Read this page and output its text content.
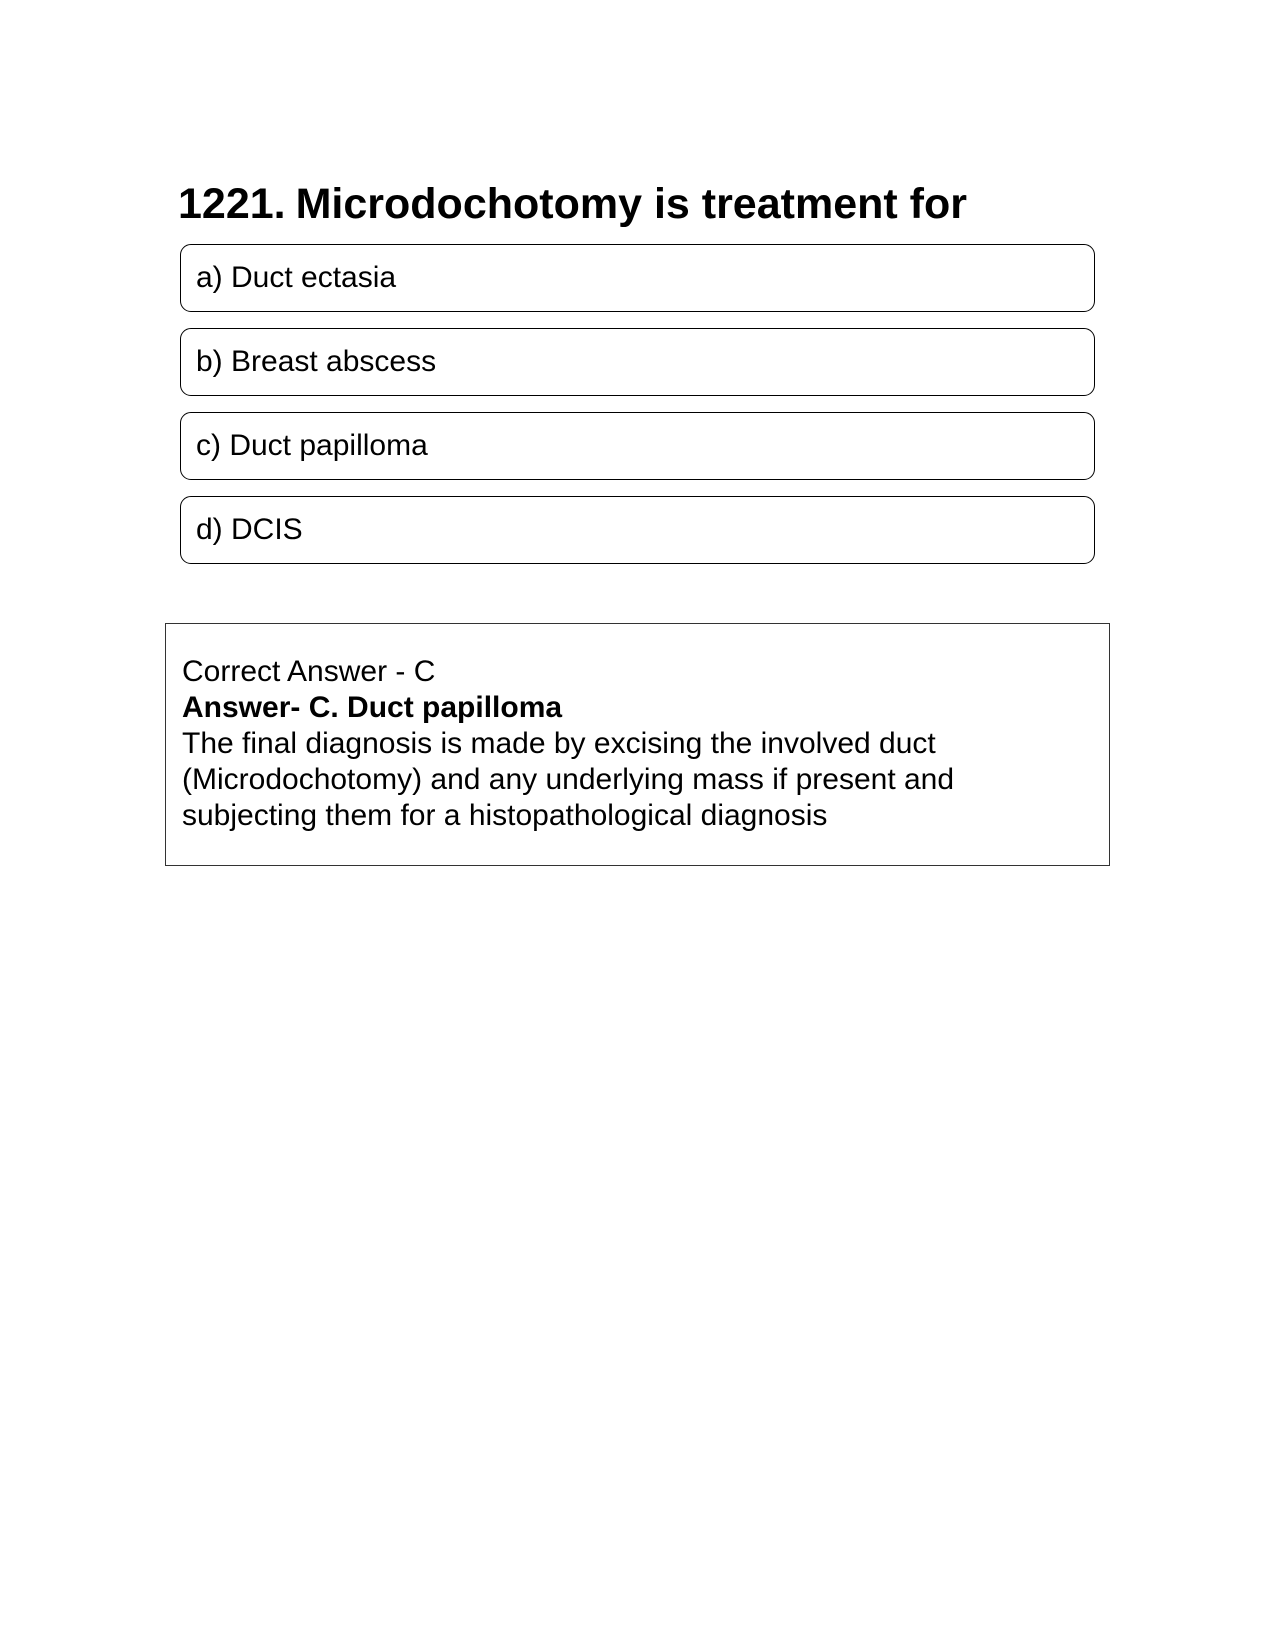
1221. Microdochotomy is treatment for
a) Duct ectasia
b) Breast abscess
c) Duct papilloma
d) DCIS
Correct Answer - C
Answer- C. Duct papilloma
The final diagnosis is made by excising the involved duct
(Microdochotomy) and any underlying mass if present and
subjecting them for a histopathological diagnosis
